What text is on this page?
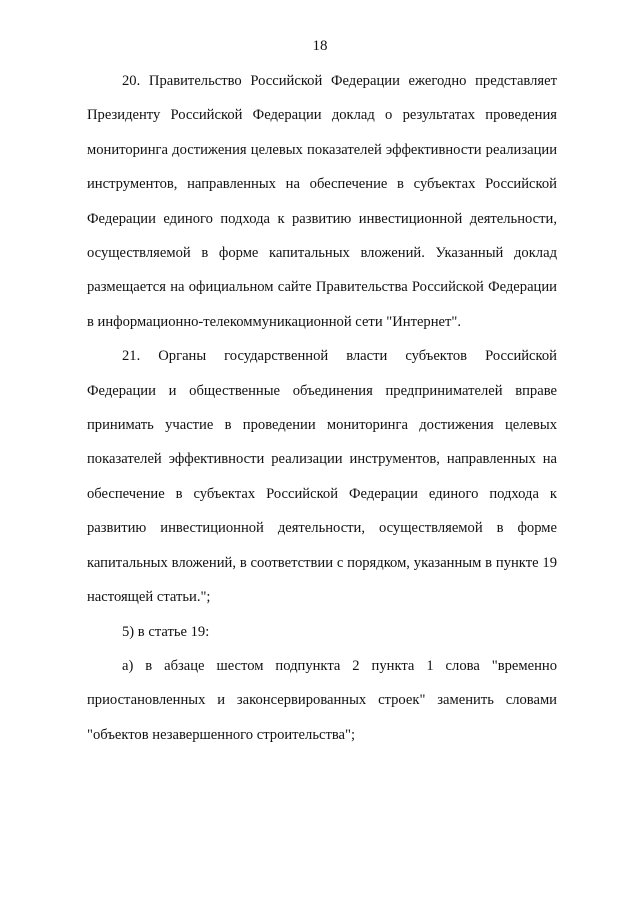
18

20. Правительство Российской Федерации ежегодно представляет Президенту Российской Федерации доклад о результатах проведения мониторинга достижения целевых показателей эффективности реализации инструментов, направленных на обеспечение в субъектах Российской Федерации единого подхода к развитию инвестиционной деятельности, осуществляемой в форме капитальных вложений. Указанный доклад размещается на официальном сайте Правительства Российской Федерации в информационно-телекоммуникационной сети "Интернет".

21. Органы государственной власти субъектов Российской Федерации и общественные объединения предпринимателей вправе принимать участие в проведении мониторинга достижения целевых показателей эффективности реализации инструментов, направленных на обеспечение в субъектах Российской Федерации единого подхода к развитию инвестиционной деятельности, осуществляемой в форме капитальных вложений, в соответствии с порядком, указанным в пункте 19 настоящей статьи.";

5) в статье 19:

а) в абзаце шестом подпункта 2 пункта 1 слова "временно приостановленных и законсервированных строек" заменить словами "объектов незавершенного строительства";
